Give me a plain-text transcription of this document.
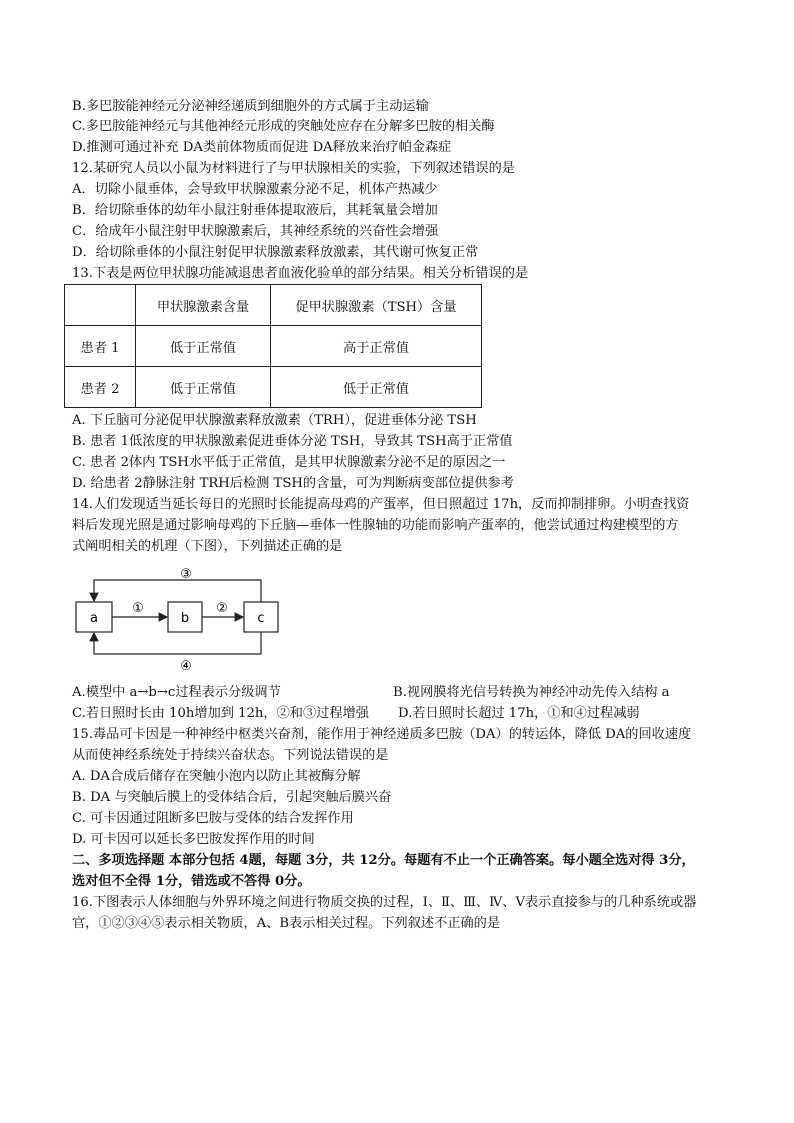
B.多巴胺能神经元分泌神经递质到细胞外的方式属于主动运输
C.多巴胺能神经元与其他神经元形成的突触处应存在分解多巴胺的相关酶
D.推测可通过补充 DA类前体物质而促进 DA释放来治疗帕金森症
12.某研究人员以小鼠为材料进行了与甲状腺相关的实验，下列叙述错误的是
A．切除小鼠垂体，会导致甲状腺激素分泌不足，机体产热减少
B．给切除垂体的幼年小鼠注射垂体提取液后，其耗氧量会增加
C．给成年小鼠注射甲状腺激素后，其神经系统的兴奋性会增强
D．给切除垂体的小鼠注射促甲状腺激素释放激素，其代谢可恢复正常
13.下表是两位甲状腺功能减退患者血液化验单的部分结果。相关分析错误的是
	甲状腺激素含量	促甲状腺激素（TSH）含量
患者 1	低于正常值	高于正常值
患者 2	低于正常值	低于正常值
A. 下丘脑可分泌促甲状腺激素释放激素（TRH），促进垂体分泌 TSH
B. 患者 1低浓度的甲状腺激素促进垂体分泌 TSH，导致其 TSH高于正常值
C. 患者 2体内 TSH水平低于正常值，是其甲状腺激素分泌不足的原因之一
D. 给患者 2静脉注射 TRH后检测 TSH的含量，可为判断病变部位提供参考
14.人们发现适当延长每日的光照时长能提高母鸡的产蛋率，但日照超过 17h，反而抑制排卵。小明查找资
料后发现光照是通过影响母鸡的下丘脑—垂体一性腺轴的功能而影响产蛋率的，他尝试通过构建模型的方
式阐明相关的机理（下图），下列描述正确的是
a	b	c
①	②
③
④
A.模型中 a→b→c过程表示分级调节	B.视网膜将光信号转换为神经冲动先传入结构 a
C.若日照时长由 10h增加到 12h，②和③过程增强 D.若日照时长超过 17h，①和④过程减弱
15.毒品可卡因是一种神经中枢类兴奋剂，能作用于神经递质多巴胺（DA）的转运体，降低 DA的回收速度
从而使神经系统处于持续兴奋状态。下列说法错误的是
A. DA合成后储存在突触小泡内以防止其被酶分解
B. DA 与突触后膜上的受体结合后，引起突触后膜兴奋
C. 可卡因通过阻断多巴胺与受体的结合发挥作用
D. 可卡因可以延长多巴胺发挥作用的时间
二、多项选择题 本部分包括 4题，每题 3分，共 12分。每题有不止一个正确答案。每小题全选对得 3分，
选对但不全得 1分，错选或不答得 0分。
16.下图表示人体细胞与外界环境之间进行物质交换的过程，Ⅰ、Ⅱ、Ⅲ、Ⅳ、Ⅴ表示直接参与的几种系统或器
官，①②③④⑤表示相关物质，A、B表示相关过程。下列叙述不正确的是
